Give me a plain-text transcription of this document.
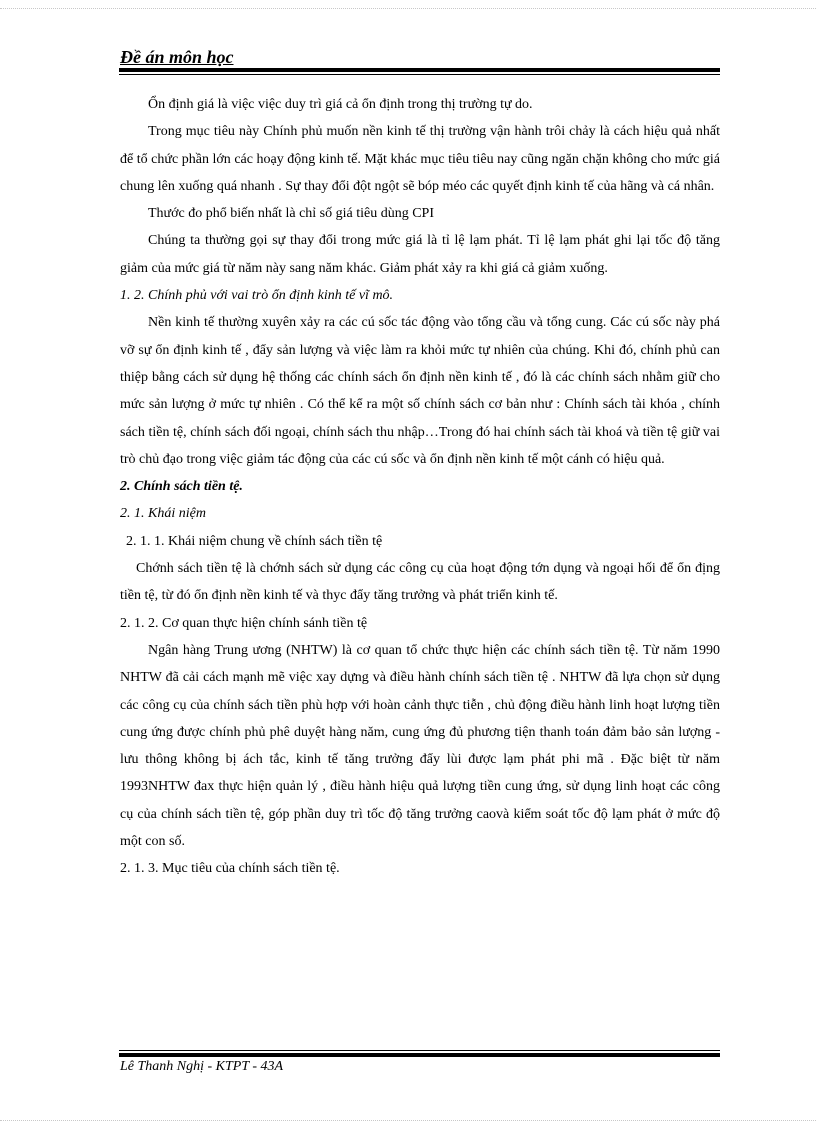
Đề án môn học

Ổn định giá là việc việc duy trì giá cả ổn định trong thị trường tự do.

Trong mục tiêu này Chính phủ muốn nền kinh tế thị trường vận hành trôi chảy là cách hiệu quả nhất để tổ chức phần lớn các hoạy động kinh tế. Mặt khác mục tiêu tiêu nay cũng ngăn chặn không cho mức giá chung lên xuống quá nhanh . Sự thay đổi đột ngột sẽ bóp méo các quyết định kinh tế của hãng và cá nhân.

Thước đo phổ biến nhất là chỉ số giá tiêu dùng CPI

Chúng ta thường gọi sự thay đổi trong mức giá là tỉ lệ lạm phát. Tỉ lệ lạm phát ghi lại tốc độ tăng giảm của mức giá từ năm này sang năm khác. Giảm phát xảy ra khi giá cả giảm xuống.

1. 2. Chính phủ với vai trò ổn định kinh tế vĩ mô.

Nền kinh tế thường xuyên xảy ra các cú sốc tác động vào tổng cầu và tổng cung. Các cú sốc này phá vỡ sự ổn định kinh tế , đẩy sản lượng và việc làm ra khỏi mức tự nhiên của chúng. Khi đó, chính phủ can thiệp bằng cách sử dụng hệ thống các chính sách ổn định nền kinh tế , đó là các chính sách nhằm giữ cho mức sản lượng ở mức tự nhiên . Có thể kể ra một số chính sách cơ bản như : Chính sách tài khóa , chính sách tiền tệ, chính sách đối ngoại, chính sách thu nhập…Trong đó hai chính sách tài khoá và tiền tệ giữ vai trò chủ đạo trong việc giảm tác động của các cú sốc và ổn định nền kinh tế một cánh có hiệu quả.

2. Chính sách tiền tệ.

2. 1. Khái niệm

2. 1. 1. Khái niệm chung về chính sách tiền tệ

Chớnh sách tiền tệ là chớnh sách sử dụng các công cụ của hoạt động tớn dụng và ngoại hối để ổn địng tiền tệ, từ đó ổn định nền kinh tế và thyc đẩy tăng trưởng và phát triển kinh tế.

2. 1. 2. Cơ quan thực hiện chính sánh tiền tệ

Ngân hàng Trung ương (NHTW) là cơ quan tổ chức thực hiện các chính sách tiền tệ. Từ năm 1990 NHTW đã cải cách mạnh mẽ việc xay dựng và điều hành chính sách tiền tệ . NHTW đã lựa chọn sử dụng các công cụ của chính sách tiền phù hợp với hoàn cảnh thực tiễn , chủ động điều hành linh hoạt lượng tiền cung ứng được chính phủ phê duyệt hàng năm, cung ứng đủ phương tiện thanh toán đảm bảo sản lượng - lưu thông không bị ách tắc, kinh tế tăng trưởng đẩy lùi được lạm phát phi mã . Đặc biệt từ năm 1993NHTW đax thực hiện quản lý , điều hành hiệu quả lượng tiền cung ứng, sử dụng linh hoạt các công cụ của chính sách tiền tệ, góp phần duy trì tốc độ tăng trưởng caovà kiểm soát tốc độ lạm phát ở mức độ một con số.

2. 1. 3. Mục tiêu của chính sách tiền tệ.

Lê Thanh Nghị - KTPT - 43A
